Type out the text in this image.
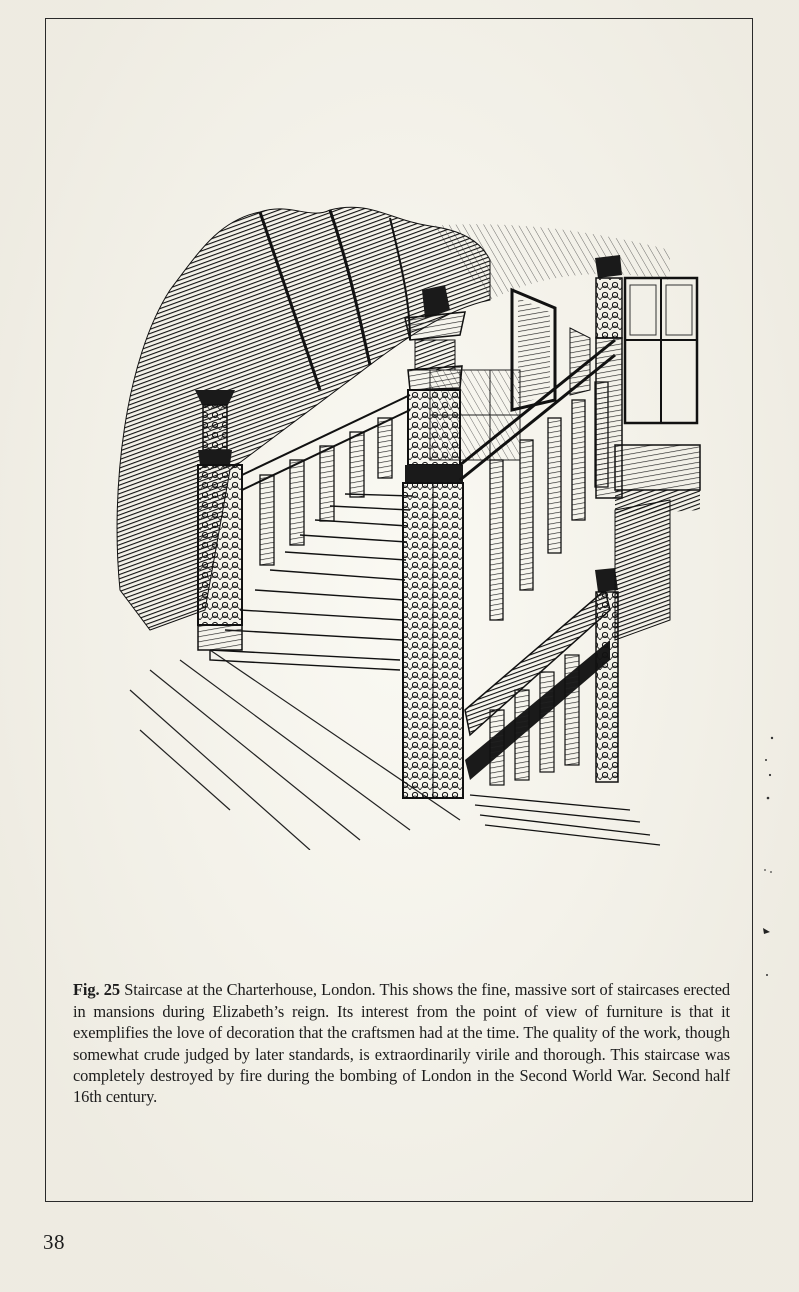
Fig. 25 Staircase at the Charterhouse, London. This shows the fine, massive sort of staircases erected in mansions during Elizabeth’s reign. Its interest from the point of view of furniture is that it exemplifies the love of decoration that the craftsmen had at the time. The quality of the work, though somewhat crude judged by later standards, is extraordinarily virile and thorough. This staircase was completely destroyed by fire during the bombing of London in the Second World War. Second half 16th century.

38
